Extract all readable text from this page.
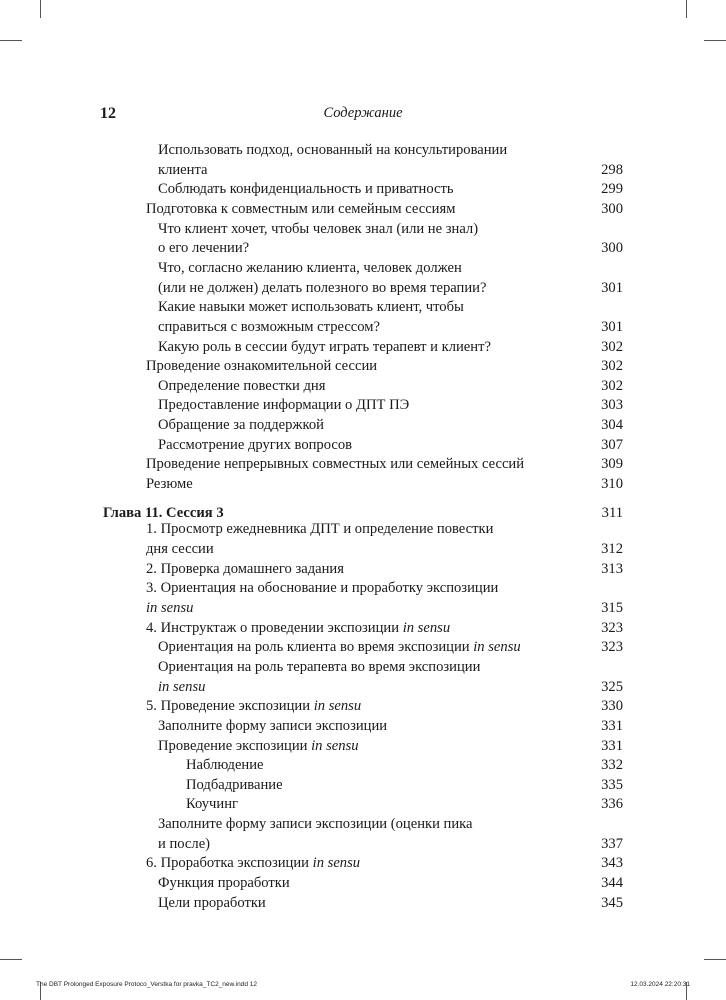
12	Содержание
Использовать подход, основанный на консультировании
клиента	298
Соблюдать конфиденциальность и приватность	299
Подготовка к совместным или семейным сессиям	300
Что клиент хочет, чтобы человек знал (или не знал)
о его лечении?	300
Что, согласно желанию клиента, человек должен
(или не должен) делать полезного во время терапии?	301
Какие навыки может использовать клиент, чтобы
справиться с возможным стрессом?	301
Какую роль в сессии будут играть терапевт и клиент?	302
Проведение ознакомительной сессии	302
Определение повестки дня	302
Предоставление информации о ДПТ ПЭ	303
Обращение за поддержкой	304
Рассмотрение других вопросов	307
Проведение непрерывных совместных или семейных сессий	309
Резюме	310
Глава 11. Сессия 3	311
1. Просмотр ежедневника ДПТ и определение повестки
дня сессии	312
2. Проверка домашнего задания	313
3. Ориентация на обоснование и проработку экспозиции
in sensu	315
4. Инструктаж о проведении экспозиции in sensu	323
Ориентация на роль клиента во время экспозиции in sensu	323
Ориентация на роль терапевта во время экспозиции
in sensu	325
5. Проведение экспозиции in sensu	330
Заполните форму записи экспозиции	331
Проведение экспозиции in sensu	331
Наблюдение	332
Подбадривание	335
Коучинг	336
Заполните форму записи экспозиции (оценки пика
и после)	337
6. Проработка экспозиции in sensu	343
Функция проработки	344
Цели проработки	345
The DBT Prolonged Exposure Protoco_Verstka for pravka_TC2_new.indd 12	12.03.2024 22:20:31
